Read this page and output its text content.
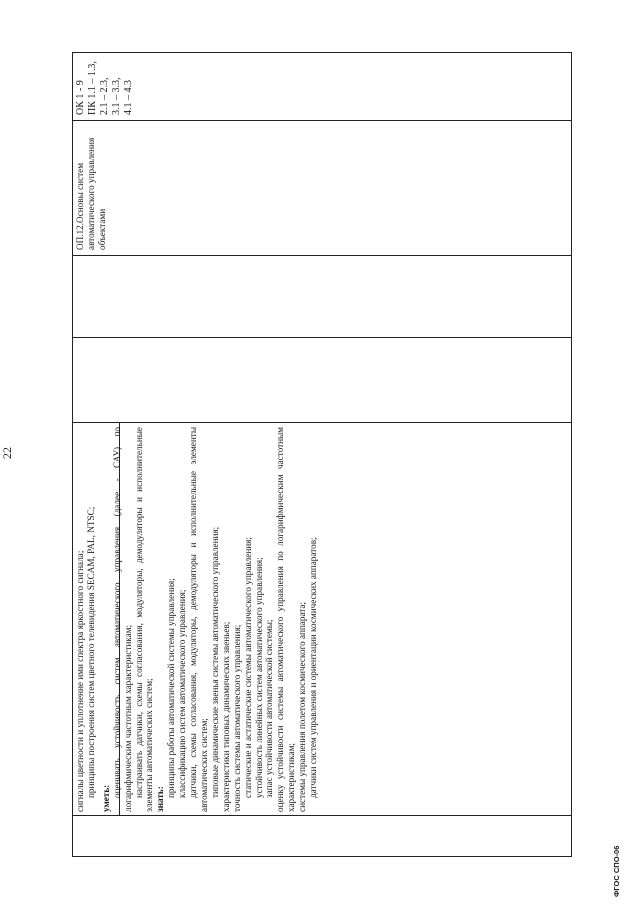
22

сигналы цветности и уплотнение ими спектра яркостного сигнала; принципы построения систем цветного телевидения SECAM, PAL, NTSC;

уметь:

оценивать устойчивость систем автоматического управления (далее - САУ) по логарифмическим частотным характеристикам; настраивать датчики, схемы согласования, модуляторы, демодуляторы и исполнительные элементы автоматических систем; знать:

принципы работы автоматической системы управления; классификацию систем автоматического управления; датчики, схемы согласования, модуляторы, демодуляторы и исполнительные элементы автоматических систем; типовые динамические звенья системы автоматического управления; характеристики типовых динамических звеньев; точность системы автоматического управления; статические и астатические системы автоматического управления; устойчивость линейных систем автоматического управления; запас устойчивости автоматической системы; оценку устойчивости системы автоматического управления по логарифмическим частотным характеристикам; системы управления полетом космического аппарата; датчики систем управления и ориентации космических аппаратов;

ОП.12.Основы систем автоматического управления объектами

ОК 1 - 9 ПК 1.1 – 1.3, 2.1 – 2.3, 3.1 – 3.3, 4.1 – 4.3

ФГОС СПО-06
